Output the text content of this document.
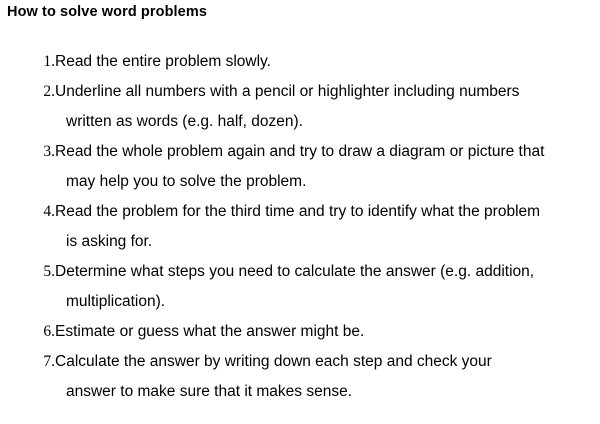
How to solve word problems
1. Read the entire problem slowly.
2. Underline all numbers with a pencil or highlighter including numbers
written as words (e.g. half, dozen).
3. Read the whole problem again and try to draw a diagram or picture that
may help you to solve the problem.
4. Read the problem for the third time and try to identify what the problem
is asking for.
5. Determine what steps you need to calculate the answer (e.g. addition,
multiplication).
6. Estimate or guess what the answer might be.
7. Calculate the answer by writing down each step and check your
answer to make sure that it makes sense.
